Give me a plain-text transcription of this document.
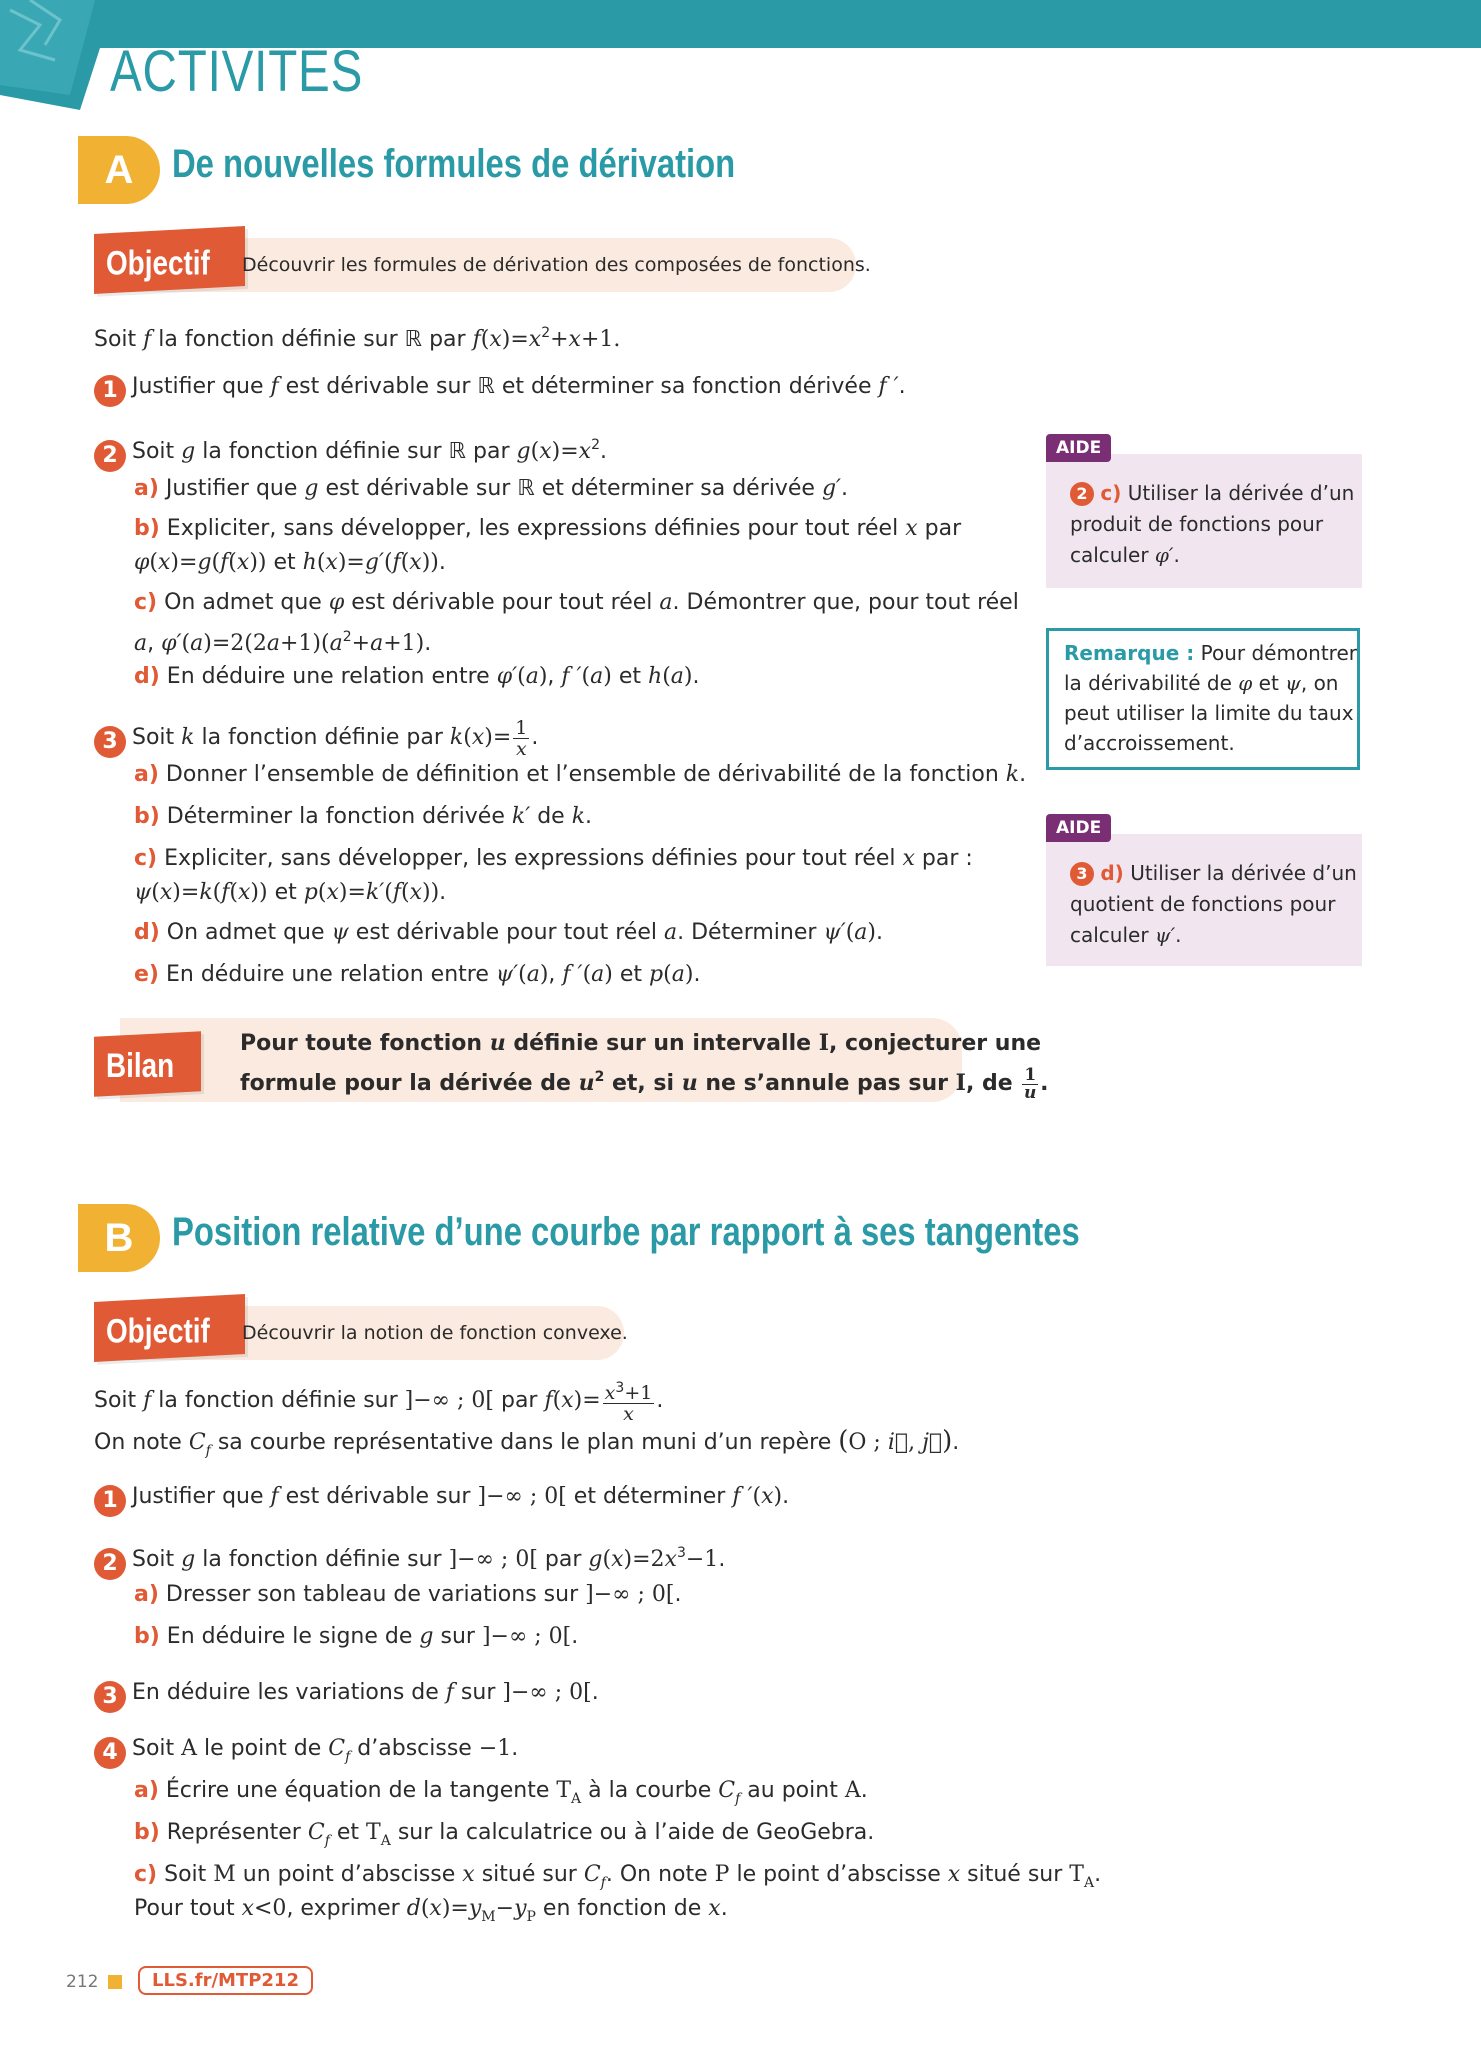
ACTIVITÉS
A De nouvelles formules de dérivation
Objectif	Découvrir les formules de dérivation des composées de fonctions.
Soit f la fonction définie sur ℝ par $f(x)=x^2+x+1$.
1 Justifier que f est dérivable sur ℝ et déterminer sa fonction dérivée f ′.
2 Soit g la fonction définie sur ℝ par $g(x)=x^2$.
a) Justifier que g est dérivable sur ℝ et déterminer sa dérivée g′.
b) Expliciter, sans développer, les expressions définies pour tout réel x par
φ(x)=g(f(x)) et h(x)=g′(f(x)).
c) On admet que φ est dérivable pour tout réel a. Démontrer que, pour tout réel
a, $\varphi'(a)=2(2a+1)(a^2+a+1)$.
d) En déduire une relation entre φ′(a), f ′(a) et h(a).
3 Soit k la fonction définie par $k(x)= \frac{1}{x}$ .
a) Donner l’ensemble de définition et l’ensemble de dérivabilité de la fonction k.
b) Déterminer la fonction dérivée k′ de k.
c) Expliciter, sans développer, les expressions définies pour tout réel x par :
ψ(x)=k(f(x)) et p(x)=k′(f(x)).
d) On admet que ψ est dérivable pour tout réel a. Déterminer ψ′(a).
e) En déduire une relation entre ψ′(a), f ′(a) et p(a).
Bilan
Pour toute fonction u définie sur un intervalle I, conjecturer une
formule pour la dérivée de $u^2$ et, si u ne s’annule pas sur I, de $\frac{1}{u}$ .
AIDE
2 c) Utiliser la dérivée d’un
produit de fonctions pour
calculer φ′.
Remarque : Pour démontrer
la dérivabilité de φ et ψ, on
peut utiliser la limite du taux
d’accroissement.
AIDE
3 d) Utiliser la dérivée d’un
quotient de fonctions pour
calculer ψ′.
B Position relative d’une courbe par rapport à ses tangentes
Objectif	Découvrir la notion de fonction convexe.
Soit f la fonction définie sur ]−∞ ; 0[ par $f(x)= \frac{x^3+1}{x}$ .
On note $C_f$ sa courbe représentative dans le plan muni d’un repère (O ; i⃗, j⃗).
1 Justifier que f est dérivable sur ]−∞ ; 0[ et déterminer f ′(x).
2 Soit g la fonction définie sur ]−∞ ; 0[ par $g(x)=2x^3-1$.
a) Dresser son tableau de variations sur ]−∞ ; 0[.
b) En déduire le signe de g sur ]−∞ ; 0[.
3 En déduire les variations de f sur ]−∞ ; 0[.
4 Soit A le point de $C_f$ d’abscisse −1.
a) Écrire une équation de la tangente $T_A$ à la courbe $C_f$ au point A.
b) Représenter $C_f$ et $T_A$ sur la calculatrice ou à l’aide de GeoGebra.
c) Soit M un point d’abscisse x situé sur $C_f$. On note P le point d’abscisse x situé sur $T_A$.
Pour tout x<0, exprimer $d(x)=y_M-y_P$ en fonction de x.
212	LLS.fr/MTP212
